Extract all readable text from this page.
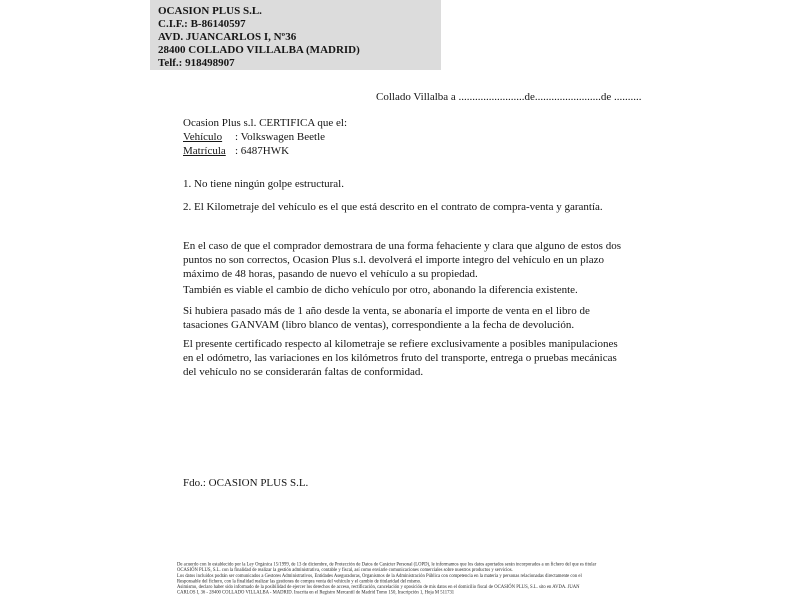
OCASION PLUS S.L.
C.I.F.: B-86140597
AVD. JUANCARLOS I, Nº36
28400 COLLADO VILLALBA (MADRID)
Telf.: 918498907
Collado Villalba a ........................de........................de ..........
Ocasion Plus s.l. CERTIFICA que el:
Vehículo : Volkswagen Beetle
Matrícula : 6487HWK
1. No tiene ningún golpe estructural.
2. El Kilometraje del vehículo es el que está descrito en el contrato de compra-venta y garantía.
En el caso de que el comprador demostrara de una forma fehaciente y clara que alguno de estos dos puntos no son correctos, Ocasion Plus s.l. devolverá el importe integro del vehículo en un plazo máximo de 48 horas, pasando de nuevo el vehículo a su propiedad.
También es viable el cambio de dicho vehículo por otro, abonando la diferencia existente.
Si hubiera pasado más de 1 año desde la venta, se abonaría el importe de venta en el libro de tasaciones GANVAM (libro blanco de ventas), correspondiente a la fecha de devolución.
El presente certificado respecto al kilometraje se refiere exclusivamente a posibles manipulaciones en el odómetro, las variaciones en los kilómetros fruto del transporte, entrega o pruebas mecánicas del vehículo no se considerarán faltas de conformidad.
Fdo.: OCASION PLUS S.L.
De acuerdo con lo establecido por la Ley Orgánica 15/1999, de 13 de diciembre, de Protección de Datos de Carácter Personal (LOPD), le informamos que los datos aportados serán incorporados a un fichero del que es titular
OCASIÓN PLUS, S.L. con la finalidad de realizar la gestión administrativa, contable y fiscal, así como enviarle comunicaciones comerciales sobre nuestros productos y servicios.
Los datos incluidos podrán ser comunicados a Gestores Administrativos, Entidades Aseguradoras, Organismos de la Administración Pública con competencia en la materia y personas relacionadas directamente con el
Responsable del fichero, con la finalidad realizar las gestiones de compra venta del vehículo y el cambio de titularidad del mismo.
Asimismo, declaro haber sido informado de la posibilidad de ejercer los derechos de acceso, rectificación, cancelación y oposición de mis datos en el domicilio fiscal de OCASIÓN PLUS, S.L. sito en AVDA. JUAN
CARLOS I, 36 - 28400 COLLADO VILLALBA - MADRID. Inscrita en el Registro Mercantil de Madrid Tomo 150, Inscripción 1, Hoja M 511731
